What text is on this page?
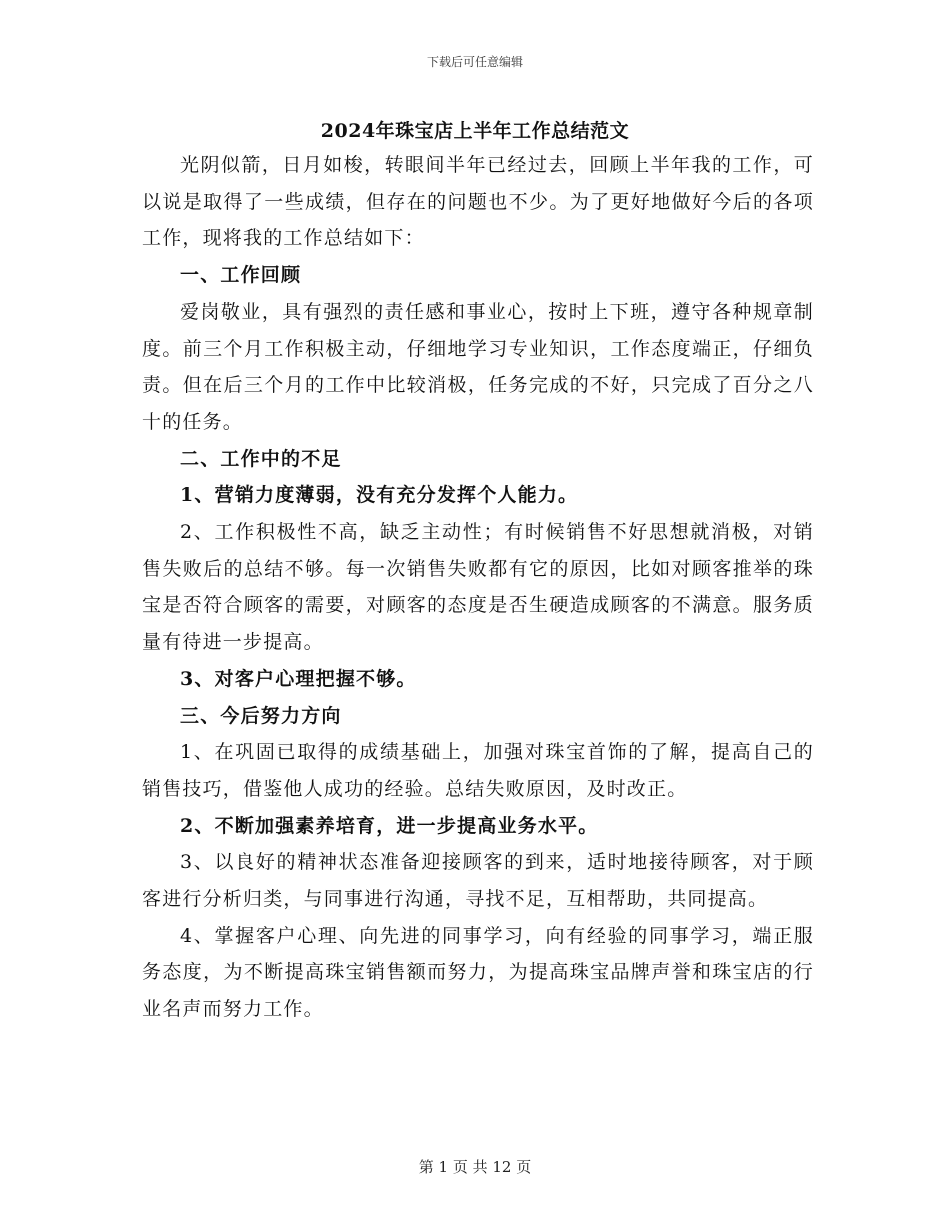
下载后可任意编辑
2024年珠宝店上半年工作总结范文

光阴似箭，日月如梭，转眼间半年已经过去，回顾上半年我的工作，可以说是取得了一些成绩，但存在的问题也不少。为了更好地做好今后的各项工作，现将我的工作总结如下：

一、工作回顾

爱岗敬业，具有强烈的责任感和事业心，按时上下班，遵守各种规章制度。前三个月工作积极主动，仔细地学习专业知识，工作态度端正，仔细负责。但在后三个月的工作中比较消极，任务完成的不好，只完成了百分之八十的任务。

二、工作中的不足

1、营销力度薄弱，没有充分发挥个人能力。

2、工作积极性不高，缺乏主动性；有时候销售不好思想就消极，对销售失败后的总结不够。每一次销售失败都有它的原因，比如对顾客推举的珠宝是否符合顾客的需要，对顾客的态度是否生硬造成顾客的不满意。服务质量有待进一步提高。

3、对客户心理把握不够。

三、今后努力方向

1、在巩固已取得的成绩基础上，加强对珠宝首饰的了解，提高自己的销售技巧，借鉴他人成功的经验。总结失败原因，及时改正。

2、不断加强素养培育，进一步提高业务水平。

3、以良好的精神状态准备迎接顾客的到来，适时地接待顾客，对于顾客进行分析归类，与同事进行沟通，寻找不足，互相帮助，共同提高。

4、掌握客户心理、向先进的同事学习，向有经验的同事学习，端正服务态度，为不断提高珠宝销售额而努力，为提高珠宝品牌声誉和珠宝店的行业名声而努力工作。

第 1 页 共 12 页
